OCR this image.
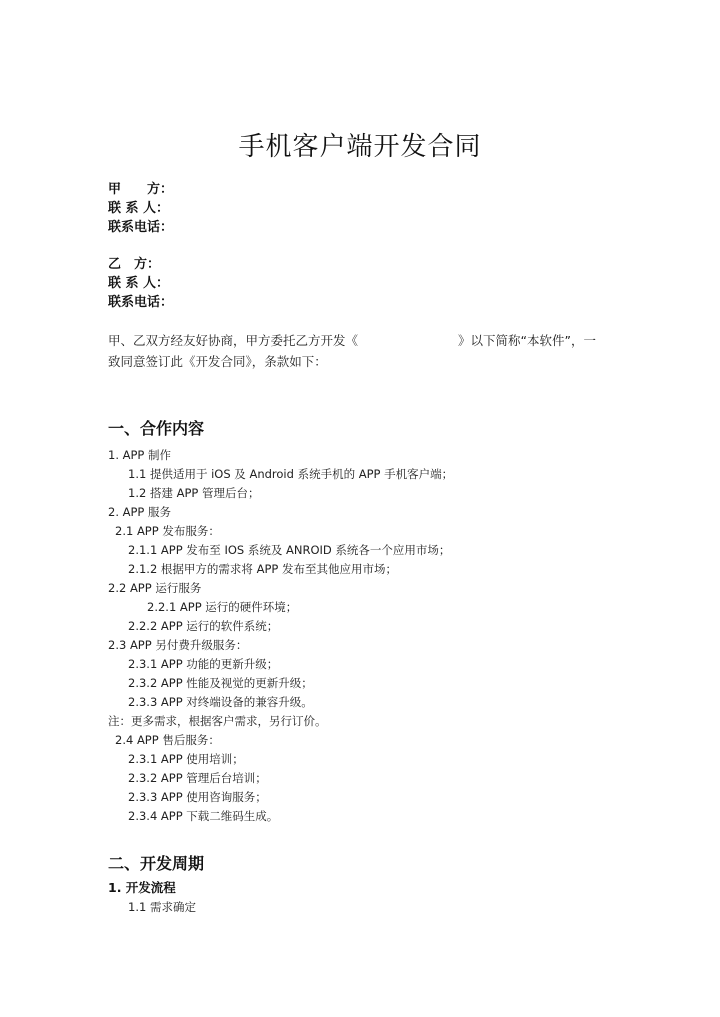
手机客户端开发合同
甲　　方：
联 系 人：
联系电话：
乙　方：
联 系 人：
联系电话：
甲、乙双方经友好协商，甲方委托乙方开发《	》以下简称“本软件”，一
致同意签订此《开发合同》，条款如下：
一、合作内容
1. APP 制作
1.1 提供适用于 iOS 及 Android 系统手机的 APP 手机客户端；
1.2 搭建 APP 管理后台；
2. APP 服务
2.1 APP 发布服务：
2.1.1 APP 发布至 IOS 系统及 ANROID 系统各一个应用市场；
2.1.2 根据甲方的需求将 APP 发布至其他应用市场；
2.2 APP 运行服务
2.2.1 APP 运行的硬件环境；
2.2.2 APP 运行的软件系统；
2.3 APP 另付费升级服务：
2.3.1 APP 功能的更新升级；
2.3.2 APP 性能及视觉的更新升级；
2.3.3 APP 对终端设备的兼容升级。
注：更多需求，根据客户需求，另行订价。
2.4 APP 售后服务：
2.3.1 APP 使用培训；
2.3.2 APP 管理后台培训；
2.3.3 APP 使用咨询服务；
2.3.4 APP 下载二维码生成。
二、开发周期
1. 开发流程
1.1 需求确定
